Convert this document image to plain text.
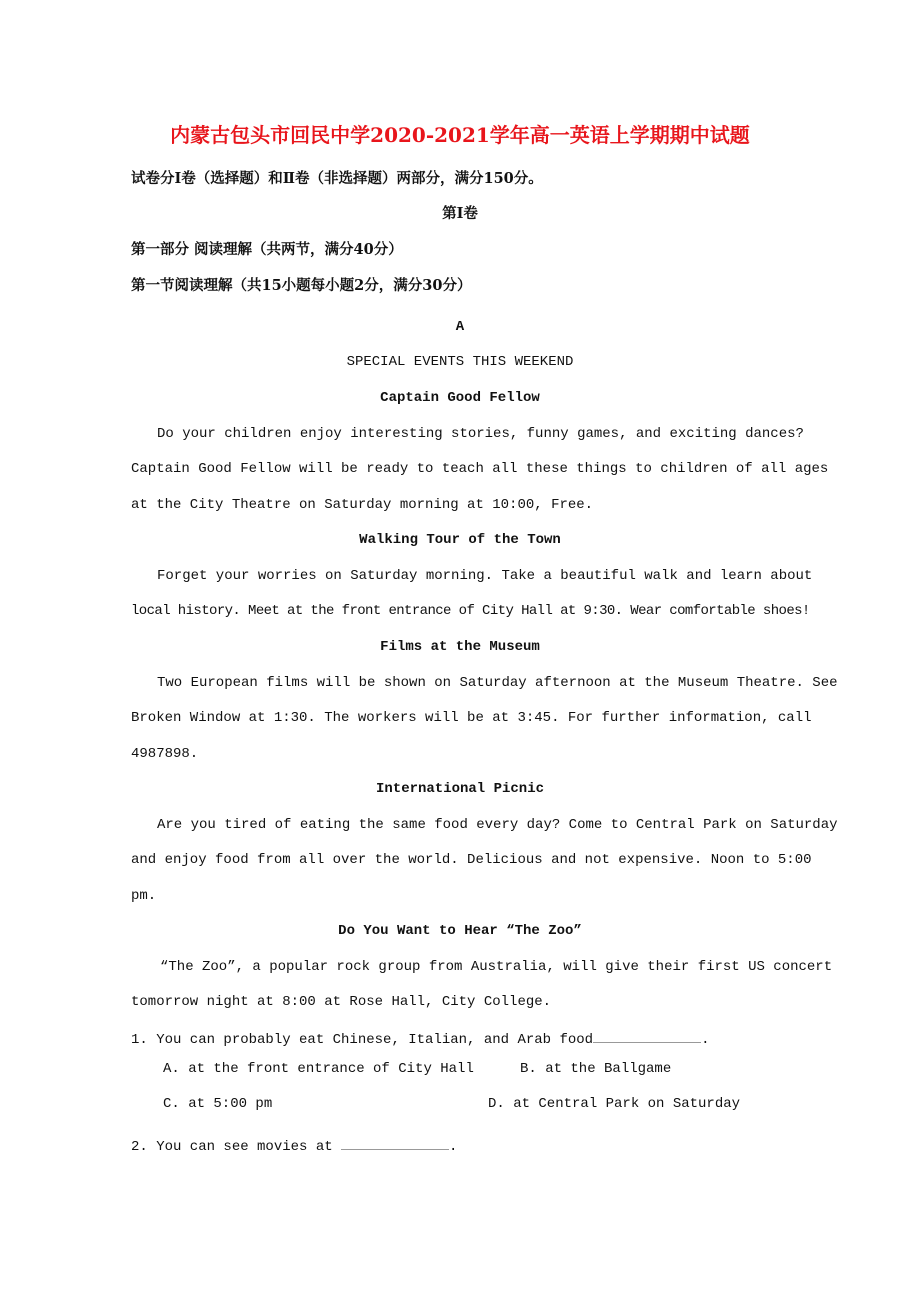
内蒙古包头市回民中学2020-2021学年高一英语上学期期中试题
试卷分Ⅰ卷（选择题）和Ⅱ卷（非选择题）两部分，满分150分。
第Ⅰ卷
第一部分 阅读理解（共两节，满分40分）
第一节阅读理解（共15小题每小题2分，满分30分）
A
SPECIAL EVENTS THIS WEEKEND
Captain Good Fellow
Do your children enjoy interesting stories, funny games, and exciting dances?
Captain Good Fellow will be ready to teach all these things to children of all ages
at the City Theatre on Saturday morning at 10:00, Free.
Walking Tour of the Town
Forget your worries on Saturday morning. Take a beautiful walk and learn about
local history. Meet at the front entrance of City Hall at 9:30. Wear comfortable shoes!
Films at the Museum
Two European films will be shown on Saturday afternoon at the Museum Theatre. See
Broken Window at 1:30. The workers will be at 3:45. For further information, call
4987898.
International Picnic
Are you tired of eating the same food every day? Come to Central Park on Saturday
and enjoy food from all over the world. Delicious and not expensive. Noon to 5:00
pm.
Do You Want to Hear “The Zoo”
“The Zoo”, a popular rock group from Australia, will give their first US concert
tomorrow night at 8:00 at Rose Hall, City College.
1. You can probably eat Chinese, Italian, and Arab food	.
A. at the front entrance of City Hall	B. at the Ballgame
C. at 5:00 pm	D. at Central Park on Saturday
2. You can see movies at	.
